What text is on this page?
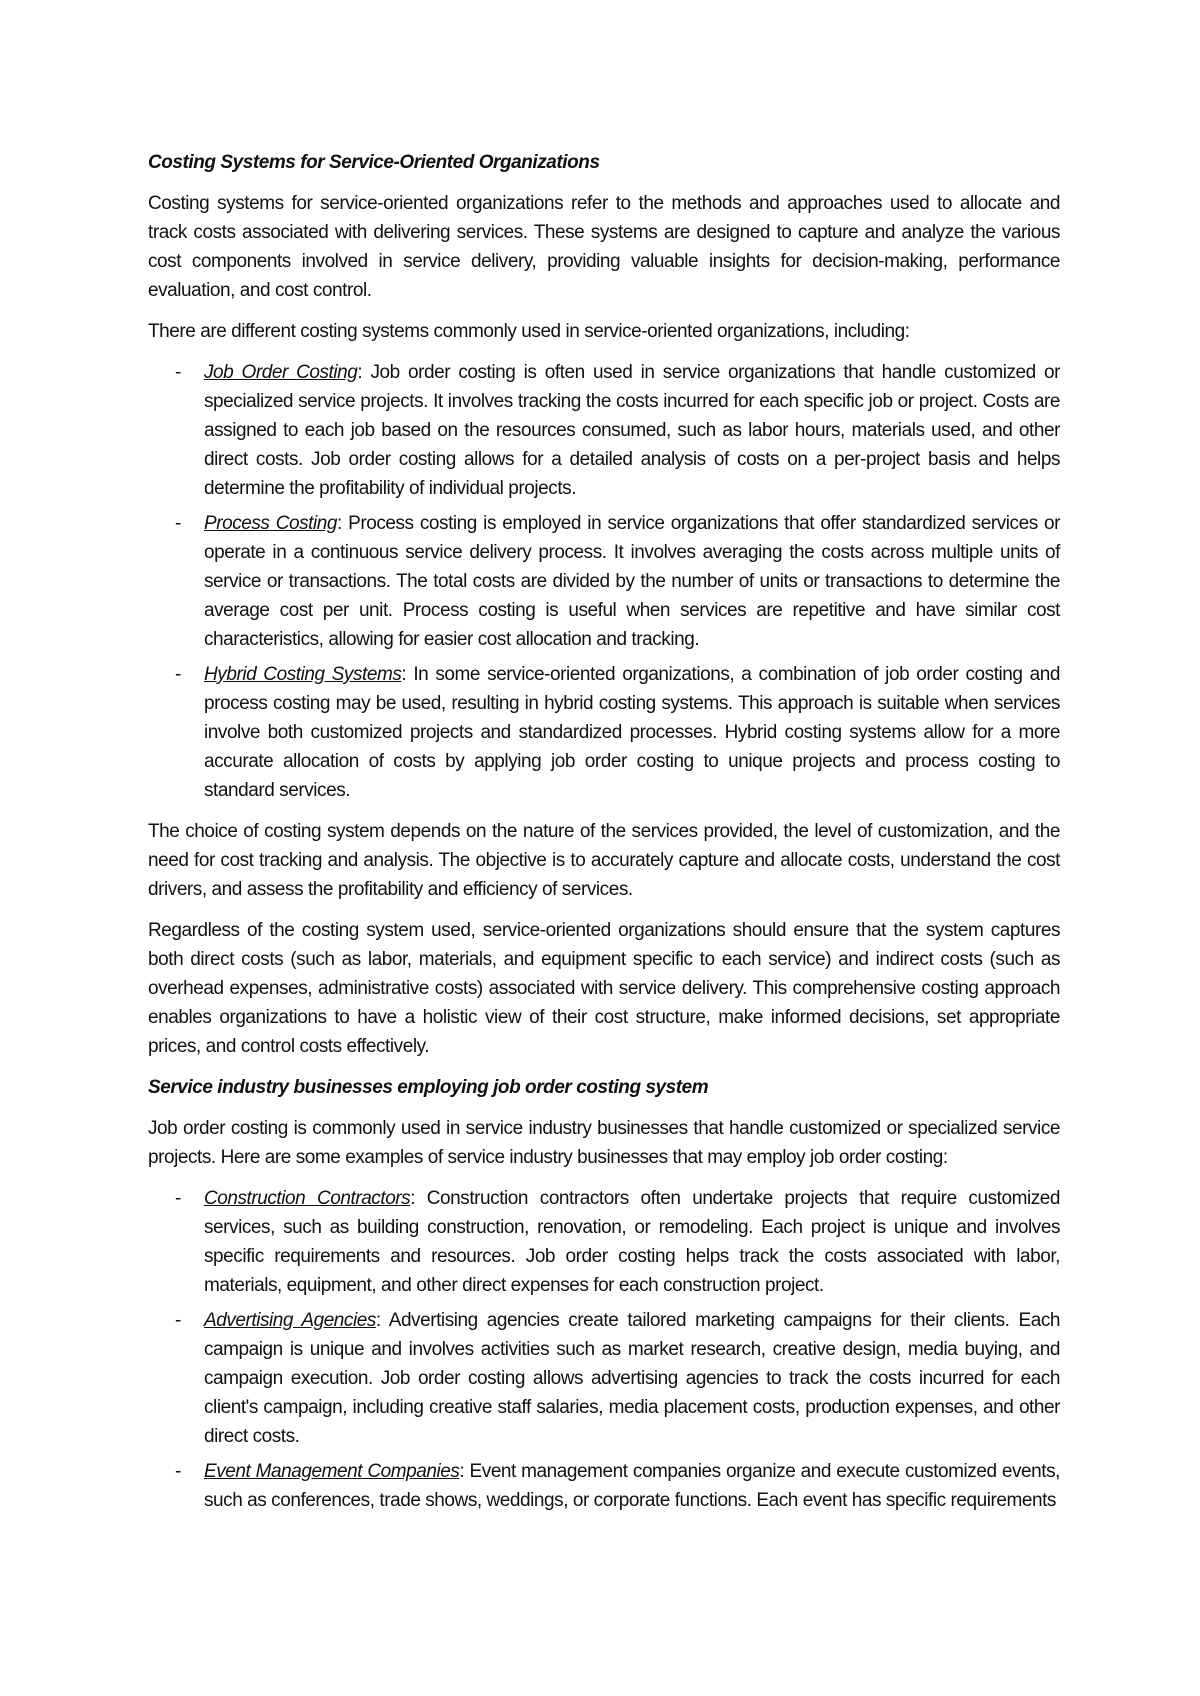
Costing Systems for Service-Oriented Organizations

Costing systems for service-oriented organizations refer to the methods and approaches used to allocate and track costs associated with delivering services. These systems are designed to capture and analyze the various cost components involved in service delivery, providing valuable insights for decision-making, performance evaluation, and cost control.

There are different costing systems commonly used in service-oriented organizations, including:

- Job Order Costing: Job order costing is often used in service organizations that handle customized or specialized service projects. It involves tracking the costs incurred for each specific job or project. Costs are assigned to each job based on the resources consumed, such as labor hours, materials used, and other direct costs. Job order costing allows for a detailed analysis of costs on a per-project basis and helps determine the profitability of individual projects.
- Process Costing: Process costing is employed in service organizations that offer standardized services or operate in a continuous service delivery process. It involves averaging the costs across multiple units of service or transactions. The total costs are divided by the number of units or transactions to determine the average cost per unit. Process costing is useful when services are repetitive and have similar cost characteristics, allowing for easier cost allocation and tracking.
- Hybrid Costing Systems: In some service-oriented organizations, a combination of job order costing and process costing may be used, resulting in hybrid costing systems. This approach is suitable when services involve both customized projects and standardized processes. Hybrid costing systems allow for a more accurate allocation of costs by applying job order costing to unique projects and process costing to standard services.

The choice of costing system depends on the nature of the services provided, the level of customization, and the need for cost tracking and analysis. The objective is to accurately capture and allocate costs, understand the cost drivers, and assess the profitability and efficiency of services.

Regardless of the costing system used, service-oriented organizations should ensure that the system captures both direct costs (such as labor, materials, and equipment specific to each service) and indirect costs (such as overhead expenses, administrative costs) associated with service delivery. This comprehensive costing approach enables organizations to have a holistic view of their cost structure, make informed decisions, set appropriate prices, and control costs effectively.

Service industry businesses employing job order costing system

Job order costing is commonly used in service industry businesses that handle customized or specialized service projects. Here are some examples of service industry businesses that may employ job order costing:

- Construction Contractors: Construction contractors often undertake projects that require customized services, such as building construction, renovation, or remodeling. Each project is unique and involves specific requirements and resources. Job order costing helps track the costs associated with labor, materials, equipment, and other direct expenses for each construction project.
- Advertising Agencies: Advertising agencies create tailored marketing campaigns for their clients. Each campaign is unique and involves activities such as market research, creative design, media buying, and campaign execution. Job order costing allows advertising agencies to track the costs incurred for each client's campaign, including creative staff salaries, media placement costs, production expenses, and other direct costs.
- Event Management Companies: Event management companies organize and execute customized events, such as conferences, trade shows, weddings, or corporate functions. Each event has specific requirements
